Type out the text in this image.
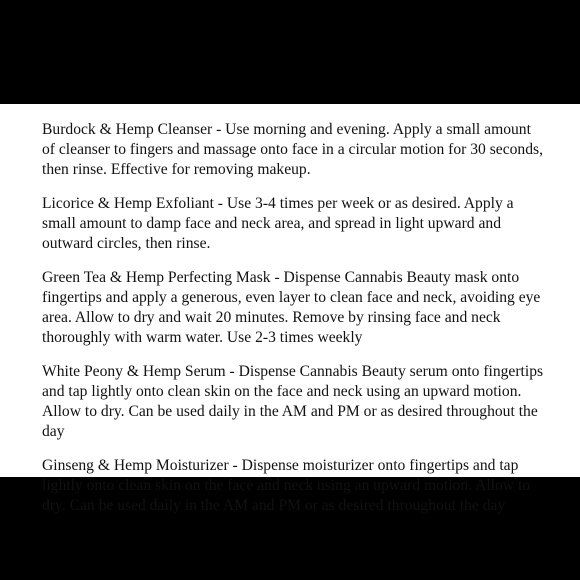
Burdock & Hemp Cleanser - Use morning and evening. Apply a small amount of cleanser to fingers and massage onto face in a circular motion for 30 seconds, then rinse. Effective for removing makeup.

Licorice & Hemp Exfoliant - Use 3-4 times per week or as desired. Apply a small amount to damp face and neck area, and spread in light upward and outward circles, then rinse.

Green Tea & Hemp Perfecting Mask - Dispense Cannabis Beauty mask onto fingertips and apply a generous, even layer to clean face and neck, avoiding eye area. Allow to dry and wait 20 minutes. Remove by rinsing face and neck thoroughly with warm water. Use 2-3 times weekly

White Peony & Hemp Serum - Dispense Cannabis Beauty serum onto fingertips and tap lightly onto clean skin on the face and neck using an upward motion. Allow to dry. Can be used daily in the AM and PM or as desired throughout the day

Ginseng & Hemp Moisturizer - Dispense moisturizer onto fingertips and tap lightly onto clean skin on the face and neck using an upward motion. Allow to dry. Can be used daily in the AM and PM or as desired throughout the day
